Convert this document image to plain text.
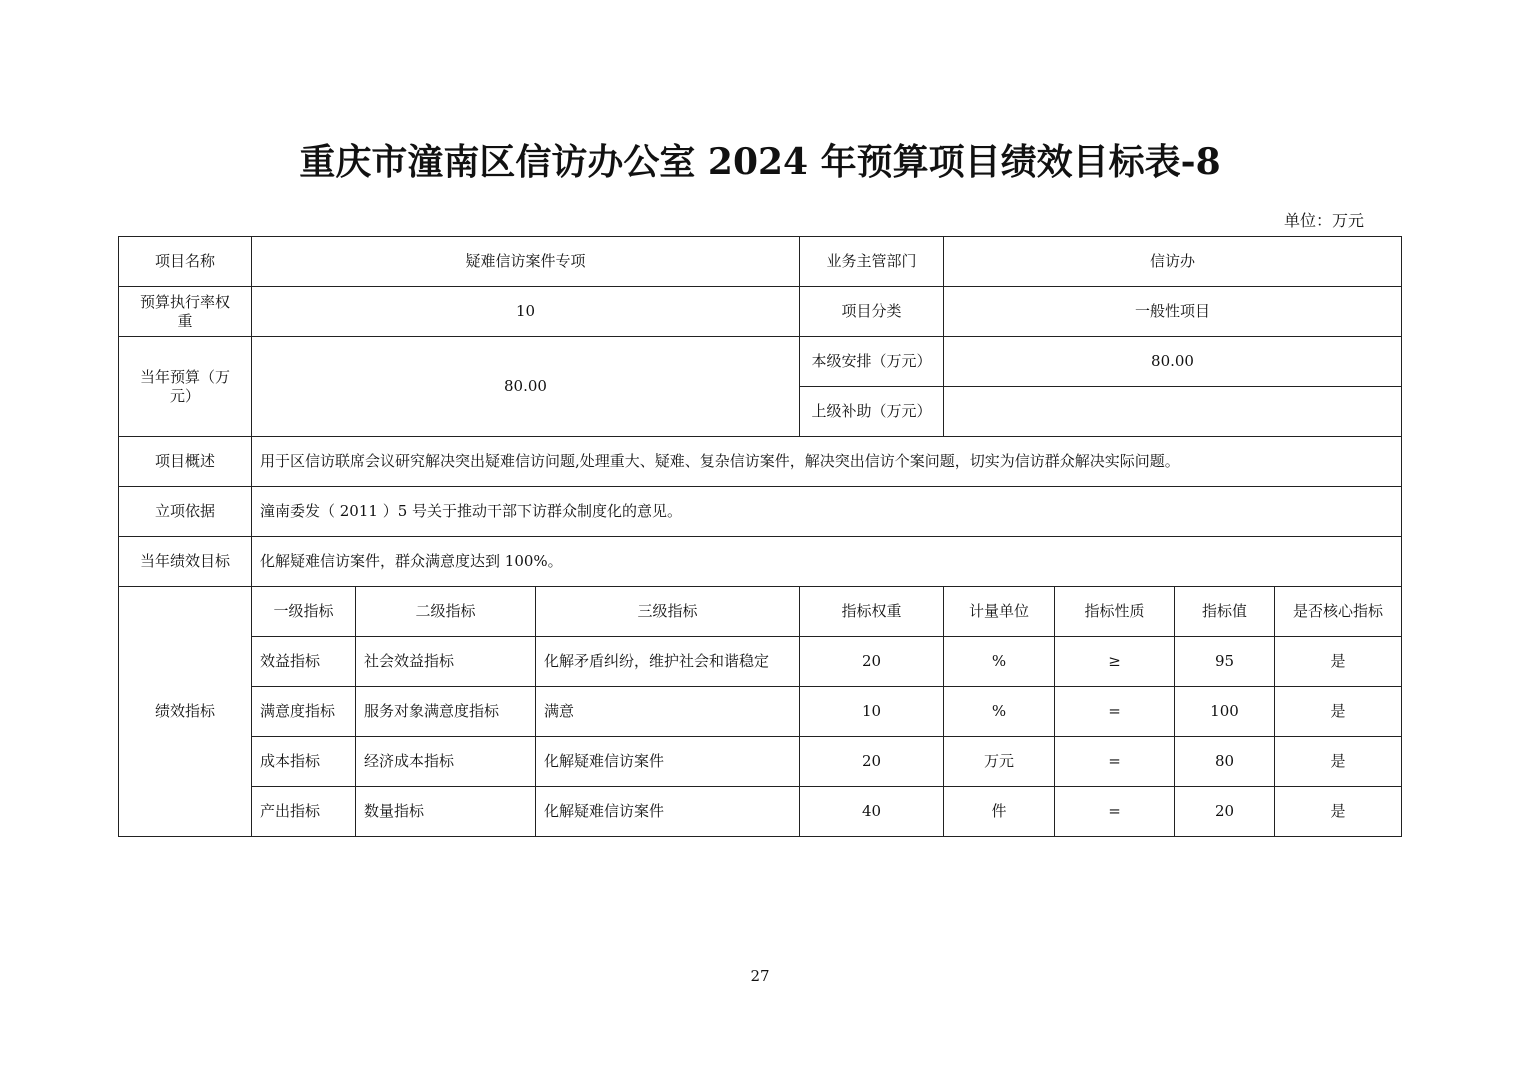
重庆市潼南区信访办公室 2024 年预算项目绩效目标表-8
单位：万元
项目名称	疑难信访案件专项			业务主管部门	信访办			
预算执行率权重	10			项目分类	一般性项目			
当年预算（万元）	80.00			本级安排（万元）	80.00			
				上级补助（万元）				
项目概述	用于区信访联席会议研究解决突出疑难信访问题,处理重大、疑难、复杂信访案件，解决突出信访个案问题，切实为信访群众解决实际问题。							
立项依据	潼南委发（ 2011 ）5 号关于推动干部下访群众制度化的意见。							
当年绩效目标	化解疑难信访案件，群众满意度达到 100%。							
绩效指标	一级指标	二级指标	三级指标	指标权重	计量单位	指标性质	指标值	是否核心指标
	效益指标	社会效益指标	化解矛盾纠纷，维护社会和谐稳定	20	%	≥	95	是
	满意度指标	服务对象满意度指标	满意	10	%	=	100	是
	成本指标	经济成本指标	化解疑难信访案件	20	万元	=	80	是
	产出指标	数量指标	化解疑难信访案件	40	件	=	20	是
27
